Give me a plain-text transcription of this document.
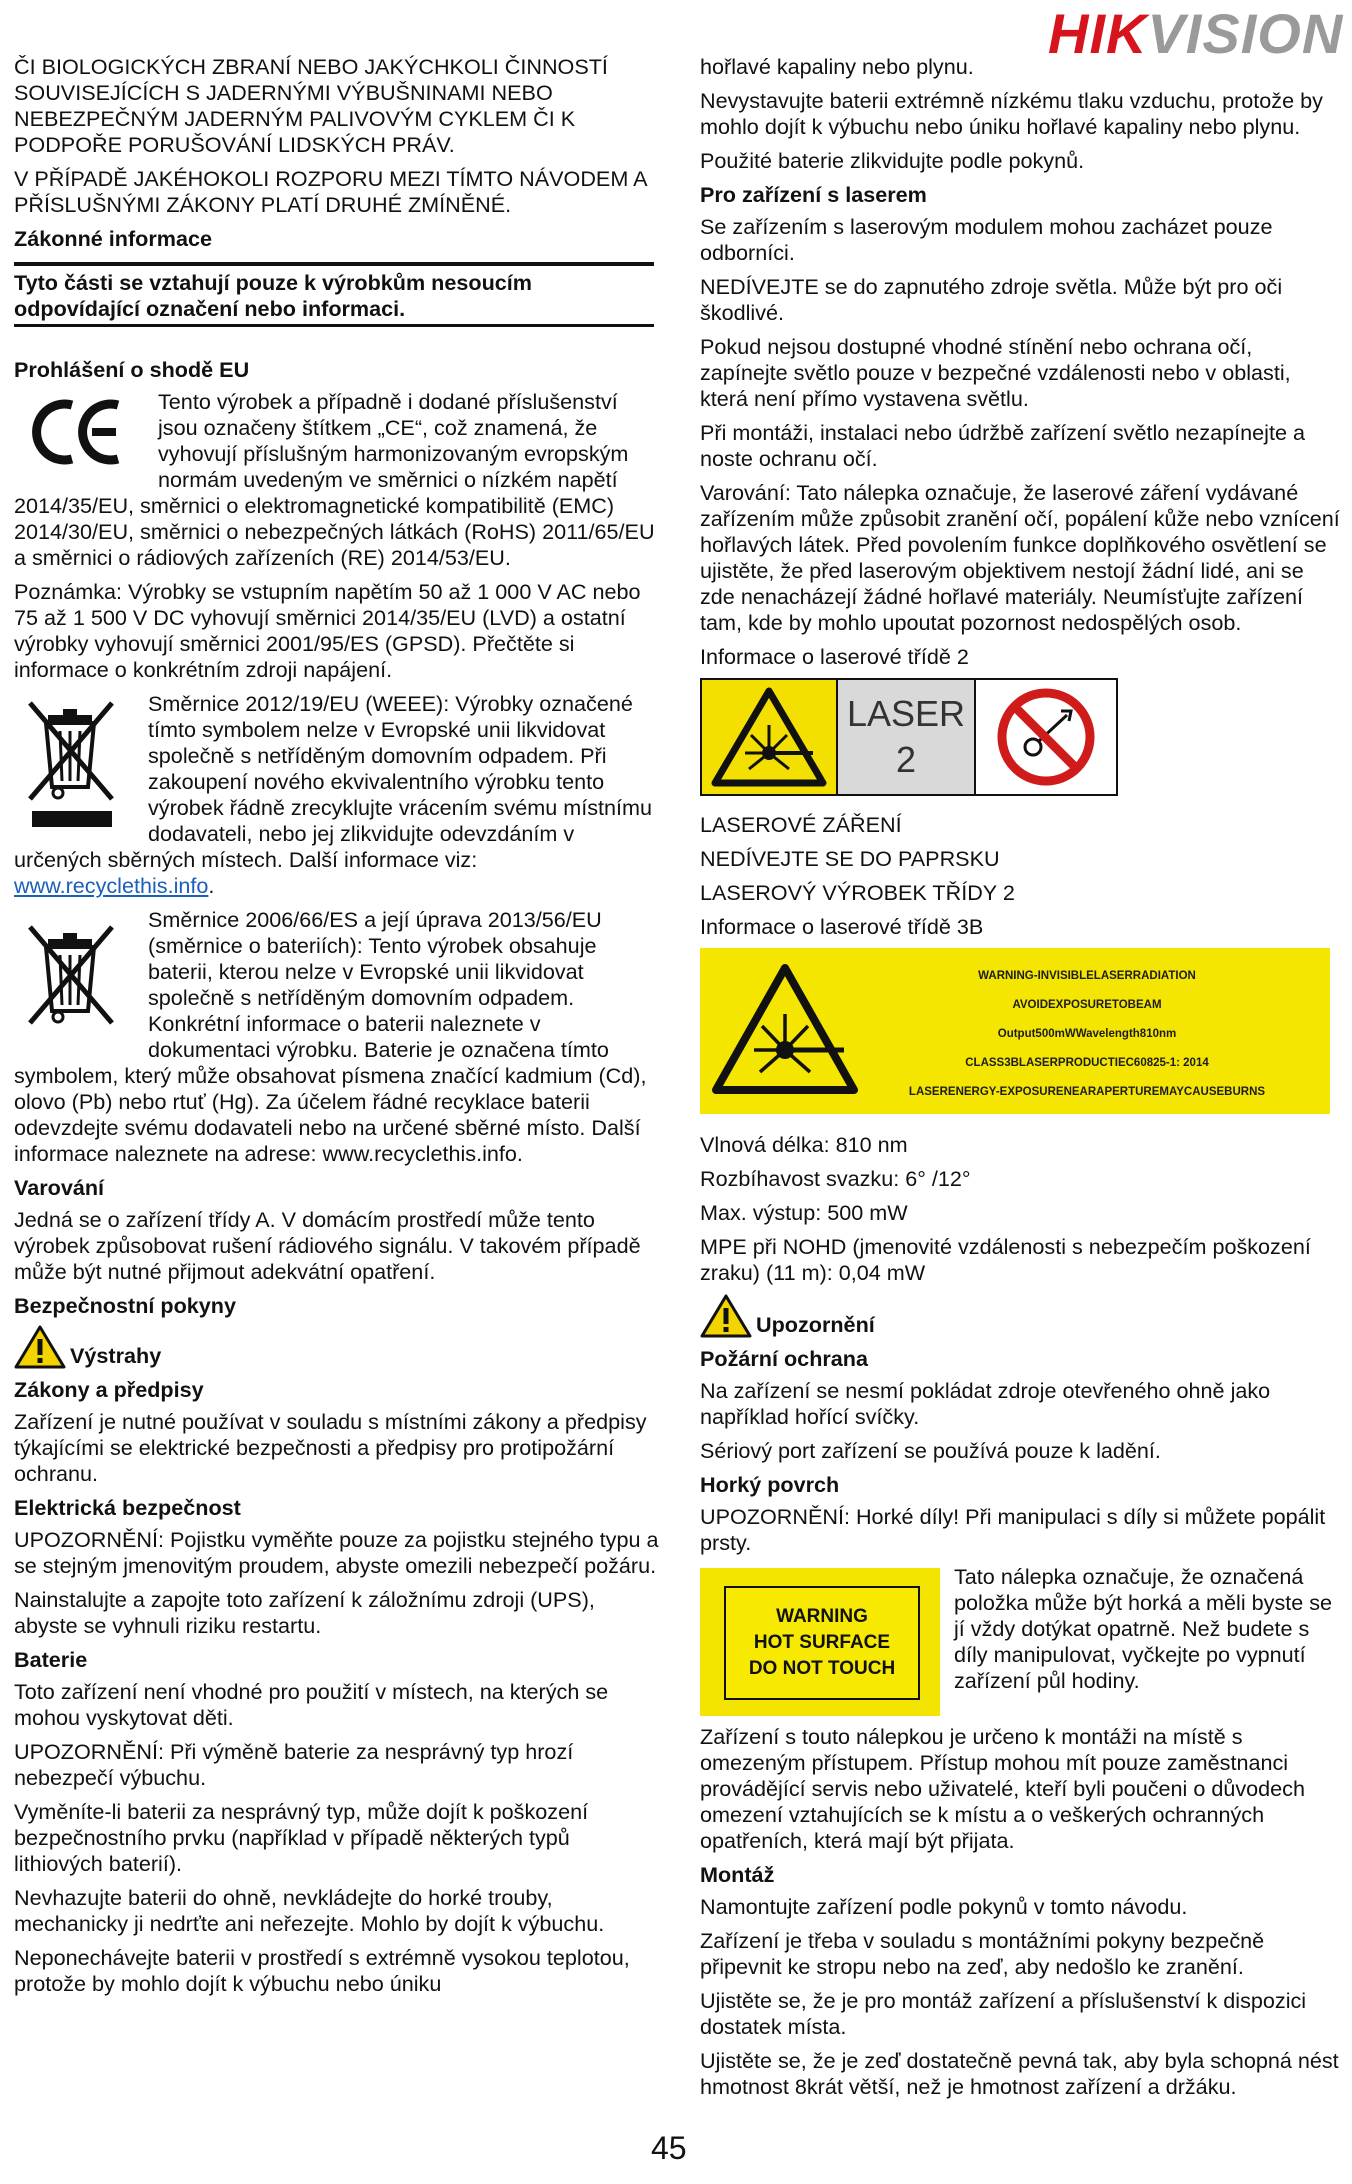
HIKVISION

ČI BIOLOGICKÝCH ZBRANÍ NEBO JAKÝCHKOLI ČINNOSTÍ SOUVISEJÍCÍCH S JADERNÝMI VÝBUŠNINAMI NEBO NEBEZPEČNÝM JADERNÝM PALIVOVÝM CYKLEM ČI K PODPOŘE PORUŠOVÁNÍ LIDSKÝCH PRÁV.

V PŘÍPADĚ JAKÉHOKOLI ROZPORU MEZI TÍMTO NÁVODEM A PŘÍSLUŠNÝMI ZÁKONY PLATÍ DRUHÉ ZMÍNĚNÉ.

Zákonné informace

Tyto části se vztahují pouze k výrobkům nesoucím odpovídající označení nebo informaci.

Prohlášení o shodě EU

Tento výrobek a případně i dodané příslušenství jsou označeny štítkem „CE“, což znamená, že vyhovují příslušným harmonizovaným evropským normám uvedeným ve směrnici o nízkém napětí 2014/35/EU, směrnici o elektromagnetické kompatibilitě (EMC) 2014/30/EU, směrnici o nebezpečných látkách (RoHS) 2011/65/EU a směrnici o rádiových zařízeních (RE) 2014/53/EU.

Poznámka: Výrobky se vstupním napětím 50 až 1 000 V AC nebo 75 až 1 500 V DC vyhovují směrnici 2014/35/EU (LVD) a ostatní výrobky vyhovují směrnici 2001/95/ES (GPSD). Přečtěte si informace o konkrétním zdroji napájení.

Směrnice 2012/19/EU (WEEE): Výrobky označené tímto symbolem nelze v Evropské unii likvidovat společně s netříděným domovním odpadem. Při zakoupení nového ekvivalentního výrobku tento výrobek řádně zrecyklujte vrácením svému místnímu dodavateli, nebo jej zlikvidujte odevzdáním v určených sběrných místech. Další informace viz: www.recyclethis.info.

Směrnice 2006/66/ES a její úprava 2013/56/EU (směrnice o bateriích): Tento výrobek obsahuje baterii, kterou nelze v Evropské unii likvidovat společně s netříděným domovním odpadem. Konkrétní informace o baterii naleznete v dokumentaci výrobku. Baterie je označena tímto symbolem, který může obsahovat písmena značící kadmium (Cd), olovo (Pb) nebo rtuť (Hg). Za účelem řádné recyklace baterii odevzdejte svému dodavateli nebo na určené sběrné místo. Další informace naleznete na adrese: www.recyclethis.info.

Varování

Jedná se o zařízení třídy A. V domácím prostředí může tento výrobek způsobovat rušení rádiového signálu. V takovém případě může být nutné přijmout adekvátní opatření.

Bezpečnostní pokyny

Výstrahy

Zákony a předpisy

Zařízení je nutné používat v souladu s místními zákony a předpisy týkajícími se elektrické bezpečnosti a předpisy pro protipožární ochranu.

Elektrická bezpečnost

UPOZORNĚNÍ: Pojistku vyměňte pouze za pojistku stejného typu a se stejným jmenovitým proudem, abyste omezili nebezpečí požáru.

Nainstalujte a zapojte toto zařízení k záložnímu zdroji (UPS), abyste se vyhnuli riziku restartu.

Baterie

Toto zařízení není vhodné pro použití v místech, na kterých se mohou vyskytovat děti.

UPOZORNĚNÍ: Při výměně baterie za nesprávný typ hrozí nebezpečí výbuchu.

Vyměníte-li baterii za nesprávný typ, může dojít k poškození bezpečnostního prvku (například v případě některých typů lithiových baterií).

Nevhazujte baterii do ohně, nevkládejte do horké trouby, mechanicky ji nedrťte ani neřezejte. Mohlo by dojít k výbuchu.

Neponechávejte baterii v prostředí s extrémně vysokou teplotou, protože by mohlo dojít k výbuchu nebo úniku

hořlavé kapaliny nebo plynu.

Nevystavujte baterii extrémně nízkému tlaku vzduchu, protože by mohlo dojít k výbuchu nebo úniku hořlavé kapaliny nebo plynu.

Použité baterie zlikvidujte podle pokynů.

Pro zařízení s laserem

Se zařízením s laserovým modulem mohou zacházet pouze odborníci.

NEDÍVEJTE se do zapnutého zdroje světla. Může být pro oči škodlivé.

Pokud nejsou dostupné vhodné stínění nebo ochrana očí, zapínejte světlo pouze v bezpečné vzdálenosti nebo v oblasti, která není přímo vystavena světlu.

Při montáži, instalaci nebo údržbě zařízení světlo nezapínejte a noste ochranu očí.

Varování: Tato nálepka označuje, že laserové záření vydávané zařízením může způsobit zranění očí, popálení kůže nebo vznícení hořlavých látek. Před povolením funkce doplňkového osvětlení se ujistěte, že před laserovým objektivem nestojí žádní lidé, ani se zde nenacházejí žádné hořlavé materiály. Neumísťujte zařízení tam, kde by mohlo upoutat pozornost nedospělých osob.

Informace o laserové třídě 2

LASER
2

LASEROVÉ ZÁŘENÍ

NEDÍVEJTE SE DO PAPRSKU

LASEROVÝ VÝROBEK TŘÍDY 2

Informace o laserové třídě 3B

WARNING-INVISIBLELASERRADIATION
AVOIDEXPOSURETOBEAM
Output500mWWavelength810nm
CLASS3BLASERPRODUCTIEC60825-1: 2014
LASERENERGY-EXPOSURENEARAPERTUREMAYCAUSEBURNS

Vlnová délka: 810 nm

Rozbíhavost svazku: 6° /12°

Max. výstup: 500 mW

MPE při NOHD (jmenovité vzdálenosti s nebezpečím poškození zraku) (11 m): 0,04 mW

Upozornění

Požární ochrana

Na zařízení se nesmí pokládat zdroje otevřeného ohně jako například hořící svíčky.

Sériový port zařízení se používá pouze k ladění.

Horký povrch

UPOZORNĚNÍ: Horké díly! Při manipulaci s díly si můžete popálit prsty.

WARNING
HOT SURFACE
DO NOT TOUCH

Tato nálepka označuje, že označená položka může být horká a měli byste se jí vždy dotýkat opatrně. Než budete s díly manipulovat, vyčkejte po vypnutí zařízení půl hodiny.

Zařízení s touto nálepkou je určeno k montáži na místě s omezeným přístupem. Přístup mohou mít pouze zaměstnanci provádějící servis nebo uživatelé, kteří byli poučeni o důvodech omezení vztahujících se k místu a o veškerých ochranných opatřeních, která mají být přijata.

Montáž

Namontujte zařízení podle pokynů v tomto návodu.

Zařízení je třeba v souladu s montážními pokyny bezpečně připevnit ke stropu nebo na zeď, aby nedošlo ke zranění.

Ujistěte se, že je pro montáž zařízení a příslušenství k dispozici dostatek místa.

Ujistěte se, že je zeď dostatečně pevná tak, aby byla schopná nést hmotnost 8krát větší, než je hmotnost zařízení a držáku.

45
